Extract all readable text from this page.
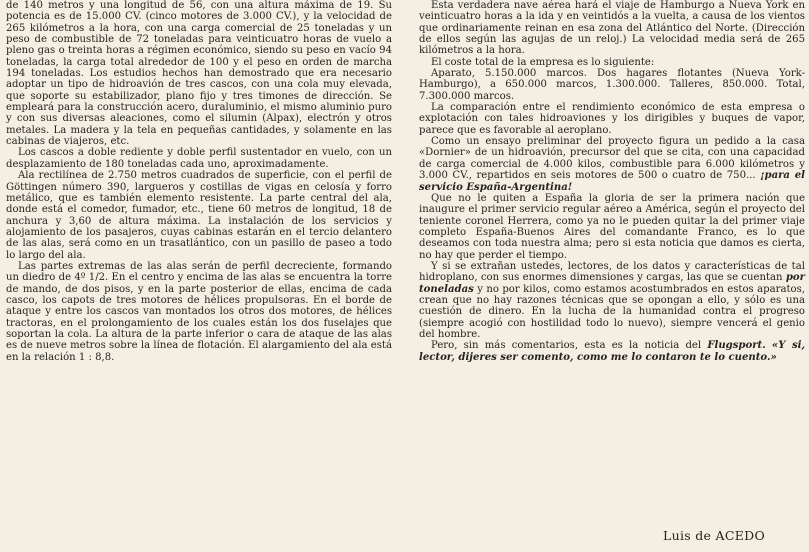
de 140 metros y una longitud de 56, con una altura máxima de 19. Su potencia es de 15.000 CV. (cinco motores de 3.000 CV.), y la velocidad de 265 kilómetros a la hora, con una carga comercial de 25 toneladas y un peso de combustible de 72 toneladas para veinticuatro horas de vuelo a pleno gas o treinta horas a régimen económico, siendo su peso en vacío 94 toneladas, la carga total alrededor de 100 y el peso en orden de marcha 194 toneladas. Los estudios hechos han demostrado que era necesario adoptar un tipo de hidroavión de tres cascos, con una cola muy elevada, que soporte su estabilizador, plano fijo y tres timones de dirección. Se empleará para la construcción acero, duraluminio, el mismo aluminio puro y con sus diversas aleaciones, como el silumin (Alpax), electrón y otros metales. La madera y la tela en pequeñas cantidades, y solamente en las cabinas de viajeros, etc.

Los cascos a doble rediente y doble perfil sustentador en vuelo, con un desplazamiento de 180 toneladas cada uno, aproximadamente.

Ala rectilínea de 2.750 metros cuadrados de superficie, con el perfil de Göttingen número 390, largueros y costillas de vigas en celosía y forro metálico, que es también elemento resistente. La parte central del ala, donde está el comedor, fumador, etc., tiene 60 metros de longitud, 18 de anchura y 3,60 de altura máxima. La instalación de los servicios y alojamiento de los pasajeros, cuyas cabinas estarán en el tercio delantero de las alas, será como en un trasatlántico, con un pasillo de paseo a todo lo largo del ala.

Las partes extremas de las alas serán de perfil decreciente, formando un diedro de 4º 1/2. En el centro y encima de las alas se encuentra la torre de mando, de dos pisos, y en la parte posterior de ellas, encima de cada casco, los capots de tres motores de hélices propulsoras. En el borde de ataque y entre los cascos van montados los otros dos motores, de hélices tractoras, en el prolongamiento de los cuales están los dos fuselajes que soportan la cola. La altura de la parte inferior o cara de ataque de las alas es de nueve metros sobre la línea de flotación. El alargamiento del ala está en la relación 1 : 8,8.

Esta verdadera nave aérea hará el viaje de Hamburgo a Nueva York en veinticuatro horas a la ida y en veintidós a la vuelta, a causa de los vientos que ordinariamente reinan en esa zona del Atlántico del Norte. (Dirección de ellos según las agujas de un reloj.) La velocidad media será de 265 kilómetros a la hora.

El coste total de la empresa es lo siguiente:

Aparato, 5.150.000 marcos. Dos hagares flotantes (Nueva York-Hamburgo), a 650.000 marcos, 1.300.000. Talleres, 850.000. Total, 7.300.000 marcos.

La comparación entre el rendimiento económico de esta empresa o explotación con tales hidroaviones y los dirigibles y buques de vapor, parece que es favorable al aeroplano.

Como un ensayo preliminar del proyecto figura un pedido a la casa «Dornier» de un hidroavión, precursor del que se cita, con una capacidad de carga comercial de 4.000 kilos, combustible para 6.000 kilómetros y 3.000 CV., repartidos en seis motores de 500 o cuatro de 750... ¡para el servicio España-Argentina!

Que no le quiten a España la gloria de ser la primera nación que inaugure el primer servicio regular aéreo a América, según el proyecto del teniente coronel Herrera, como ya no le pueden quitar la del primer viaje completo España-Buenos Aires del comandante Franco, es lo que deseamos con toda nuestra alma; pero si esta noticia que damos es cierta, no hay que perder el tiempo.

Y si se extrañan ustedes, lectores, de los datos y características de tal hidroplano, con sus enormes dimensiones y cargas, las que se cuentan por toneladas y no por kilos, como estamos acostumbrados en estos aparatos, crean que no hay razones técnicas que se opongan a ello, y sólo es una cuestión de dinero. En la lucha de la humanidad contra el progreso (siempre acogió con hostilidad todo lo nuevo), siempre vencerá el genio del hombre.

Pero, sin más comentarios, esta es la noticia del Flugsport. «Y si, lector, dijeres ser comento, como me lo contaron te lo cuento.»

Luis de ACEDO
